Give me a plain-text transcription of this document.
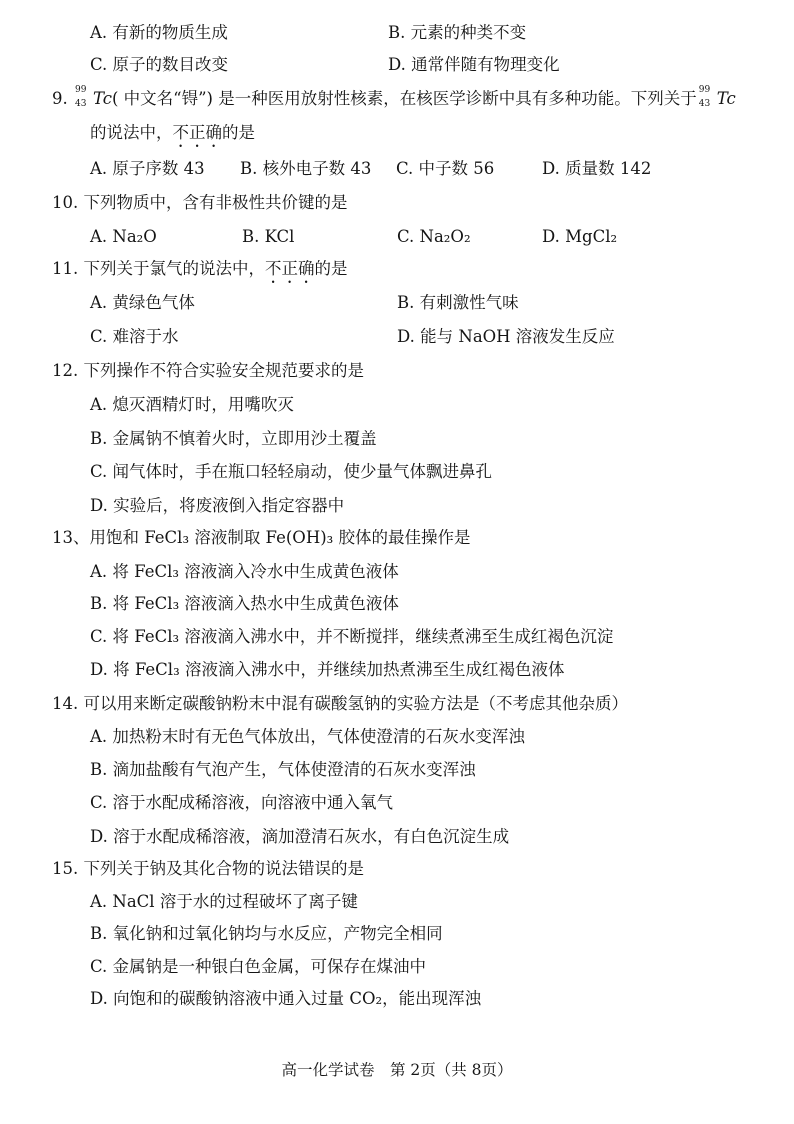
A. 有新的物质生成	B. 元素的种类不变
C. 原子的数目改变	D. 通常伴随有物理变化
9. 99
43 Tc( 中文名“锝”) 是一种医用放射性核素，在核医学诊断中具有多种功能。下列关于 99
43 Tc
的说法中，不正确的是
A. 原子序数 43 B. 核外电子数 43 C. 中子数 56	D. 质量数 142
10. 下列物质中，含有非极性共价键的是
A. Na₂O	B. KCl	C. Na₂O₂	D. MgCl₂
11. 下列关于氯气的说法中，不正确的是
A. 黄绿色气体	B. 有刺激性气味
C. 难溶于水	D. 能与 NaOH 溶液发生反应
12. 下列操作不符合实验安全规范要求的是
A. 熄灭酒精灯时，用嘴吹灭
B. 金属钠不慎着火时，立即用沙土覆盖
C. 闻气体时，手在瓶口轻轻扇动，使少量气体飘进鼻孔
D. 实验后，将废液倒入指定容器中
13、用饱和 FeCl₃ 溶液制取 Fe(OH)₃ 胶体的最佳操作是
A. 将 FeCl₃ 溶液滴入冷水中生成黄色液体
B. 将 FeCl₃ 溶液滴入热水中生成黄色液体
C. 将 FeCl₃ 溶液滴入沸水中，并不断搅拌，继续煮沸至生成红褐色沉淀
D. 将 FeCl₃ 溶液滴入沸水中，并继续加热煮沸至生成红褐色液体
14. 可以用来断定碳酸钠粉末中混有碳酸氢钠的实验方法是（不考虑其他杂质）
A. 加热粉末时有无色气体放出，气体使澄清的石灰水变浑浊
B. 滴加盐酸有气泡产生，气体使澄清的石灰水变浑浊
C. 溶于水配成稀溶液，向溶液中通入氧气
D. 溶于水配成稀溶液，滴加澄清石灰水，有白色沉淀生成
15. 下列关于钠及其化合物的说法错误的是
A. NaCl 溶于水的过程破坏了离子键
B. 氧化钠和过氧化钠均与水反应，产物完全相同
C. 金属钠是一种银白色金属，可保存在煤油中
D. 向饱和的碳酸钠溶液中通入过量 CO₂，能出现浑浊
高一化学试卷　第 2页（共 8页）
